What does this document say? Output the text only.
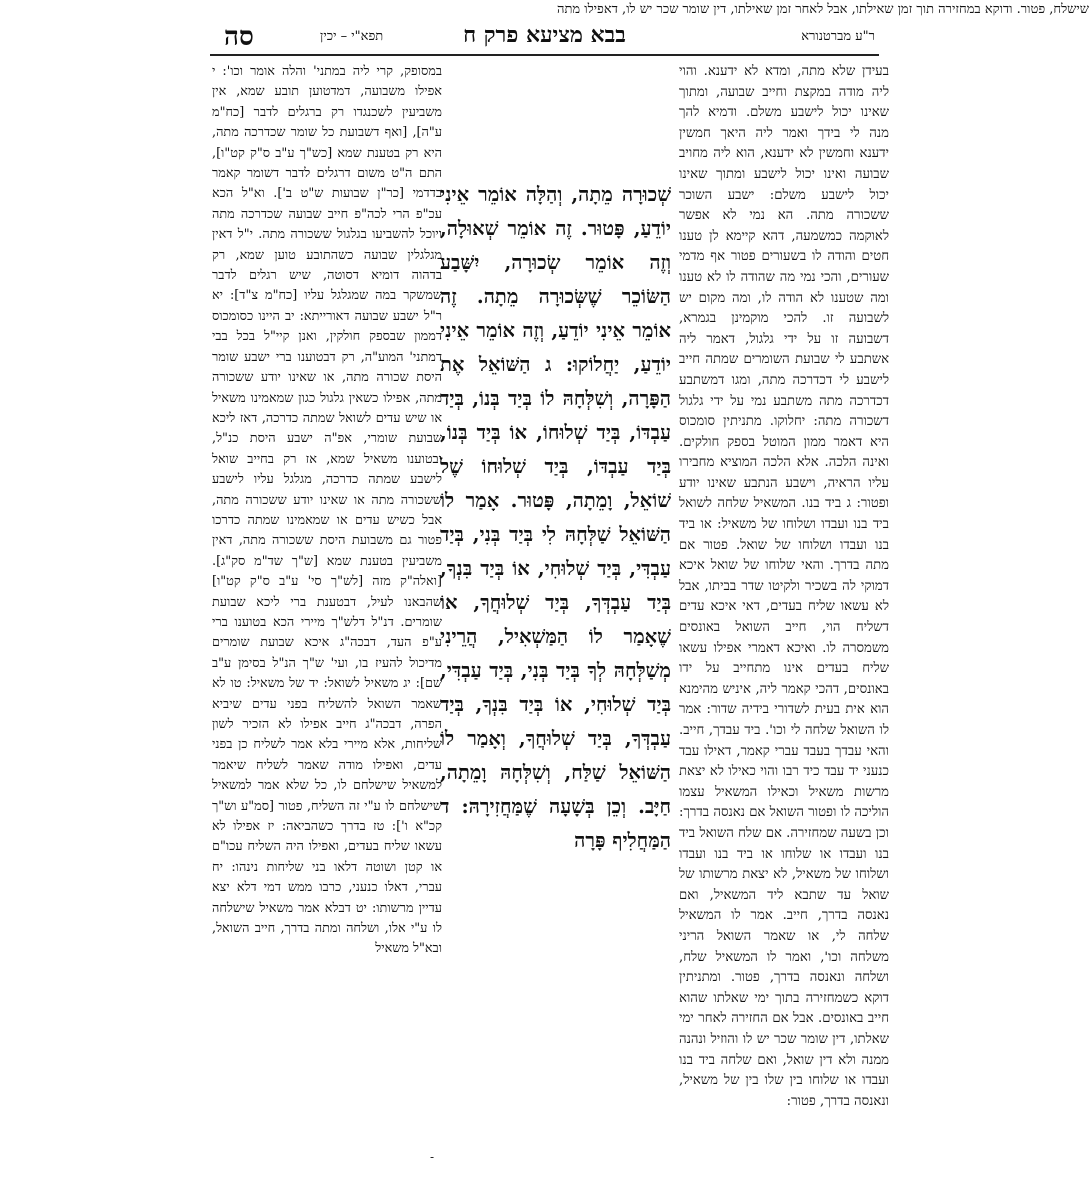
סה	תפא"י – יכין	בבא מציעא פרק ח	ר"ע מברטנורא

בעידן שלא מתה, ומדא לא ידענא. והוי ליה מודה במקצת וחייב שבועה, ומתוך שאינו יכול לישבע משלם. ודמיא להך מנה לי בידך ואמר ליה היאך חמשין ידענא וחמשין לא ידענא, הוא ליה מחויב שבועה ואינו יכול לישבע ומתוך שאינו יכול לישבע משלם: ישבע השוכר ששכורה מתה. הא נמי לא אפשר לאוקמה כמשמעה, דהא קיימא לן טענו חטים והודה לו בשעורים פטור אף מדמי שעורים, והכי נמי מה שהודה לו לא טענו ומה שטענו לא הודה לו, ומה מקום יש לשבועה זו. להכי מוקמינן בגמרא, דשבועה זו על ידי גלגול, דאמר ליה אשתבע לי שבועת השומרים שמתה חייב לישבע לי דכדרכה מתה, ומגו דמשתבע דכדרכה מתה משתבע נמי על ידי גלגול דשכורה מתה: יחלוקו. מתניתין סומכוס היא דאמר ממון המוטל בספק חולקים. ואינה הלכה. אלא הלכה המוציא מחבירו עליו הראיה, וישבע הנתבע שאינו יודע ופטור: ג ביד בנו. המשאיל שלחה לשואל ביד בנו ועבדו ושלוחו של משאיל: או ביד בנו ועבדו ושלוחו של שואל. פטור אם מתה בדרך. והאי שלוחו של שואל איכא דמוקי לה בשכיר ולקיטו שדר בביתו, אבל לא עשאו שליח בעדים, דאי איכא עדים דשליח הוי, חייב השואל באונסים משמסרה לו. ואיכא דאמרי אפילו עשאו שליח בעדים אינו מתחייב על ידו באונסים, דהכי קאמר ליה, איניש מהימנא הוא אית בעית לשדורי בידיה שדור: אמר לו השואל שלחה לי וכו'. ביד עבדך, חייב. והאי עבדך בעבד עברי קאמר, דאילו עבד כנעני יד עבד כיד רבו והוי כאילו לא יצאת מרשות משאיל וכאילו המשאיל עצמו הוליכה לו ופטור השואל אם נאנסה בדרך: וכן בשעה שמחזירה. אם שלח השואל ביד בנו ועבדו או שלוחו או ביד בנו ועבדו ושלוחו של משאיל, לא יצאת מרשותו של שואל עד שתבא ליד המשאיל, ואם נאנסה בדרך, חייב. אמר לו המשאיל שלחה לי, או שאמר השואל הריני משלחה וכו', ואמר לו המשאיל שלח, ושלחה ונאנסה בדרך, פטור. ומתניתין דוקא כשמחזירה בתוך ימי שאלתו שהוא חייב באונסים. אבל אם החזירה לאחר ימי שאלתו, דין שומר שכר יש לו והוזיל ונהנה ממנה ולא דין שואל, ואם שלחה ביד בנו ועבדו או שלוחו בין שלו בין של משאיל, ונאנסה בדרך, פטור:

שְׁכוּרָה מֵתָה, וְהַלָּה אוֹמֵר אֵינִי יוֹדֵעַ, פָּטוּר. זֶה אוֹמֵר שְׁאוּלָה, וְזֶה אוֹמֵר שְׂכוּרָה, יִשָּׁבַע הַשּׂוֹכֵר שֶׁשְּׂכוּרָה מֵתָה. זֶה אוֹמֵר אֵינִי יוֹדֵעַ, וְזֶה אוֹמֵר אֵינִי יוֹדֵעַ, יַחֲלוֹקוּ: ג הַשּׁוֹאֵל אֶת הַפָּרָה, וְשִׁלְּחָהּ לוֹ בְּיַד בְּנוֹ, בְּיַד עַבְדּוֹ, בְּיַד שְׁלוּחוֹ, אוֹ בְּיַד בְּנוֹ, בְּיַד עַבְדּוֹ, בְּיַד שְׁלוּחוֹ שֶׁל שׁוֹאֵל, וָמֵתָה, פָּטוּר. אָמַר לוֹ הַשּׁוֹאֵל שַׁלְּחָהּ לִי בְּיַד בְּנִי, בְּיַד עַבְדִּי, בְּיַד שְׁלוּחִי, אוֹ בְּיַד בִּנְךָ, בְּיַד עַבְדְּךָ, בְּיַד שְׁלוּחֲךָ, אוֹ שֶׁאָמַר לוֹ הַמַּשְׁאִיל, הֲרֵינִי מְשַׁלְּחָהּ לְךָ בְּיַד בְּנִי, בְּיַד עַבְדִּי, בְּיַד שְׁלוּחִי, אוֹ בְּיַד בִּנְךָ, בְּיַד עַבְדְּךָ, בְּיַד שְׁלוּחֲךָ, וְאָמַר לוֹ הַשּׁוֹאֵל שַׁלַּח, וְשִׁלְּחָהּ וָמֵתָה, חַיָּב. וְכֵן בְּשָׁעָה שֶׁמַּחֲזִירָהּ: ד הַמַּחֲלִיף פָּרָה

במסופק, קרי ליה במתני' והלה אומר וכו': י אפילו משבועה, דמדטוען תובע שמא, אין משביעין לשכנגדו רק ברגלים לדבר [כח"מ ע"ה], [ואף דשבועת כל שומר שכדרכה מתה, היא רק בטענת שמא [כש"ך ע"ב ס"ק קט"ו], התם ה"ט משום דרגלים לדבר דשומר קאמר בדדמי [כר"ן שבועות ש"ט ב']. וא"ל הכא עכ"פ הרי לכה"פ חייב שבועה שכדרכה מתה ויוכל להשביעו בגלגול ששכורה מתה. י"ל דאין מגלגלין שבועה כשהתובע טוען שמא, רק בדהוה דומיא דסוטה, שיש רגלים לדבר שמשקר במה שמגלגל עליו [כח"מ צ"ד]: יא ר"ל ישבע שבועה דאורייתא: יב היינו כסומכוס דממון שבספק חולקין, ואנן קיי"ל בכל בבי דמתני' המוע"ה, רק דבטוענו ברי ישבע שומר היסת שכורה מתה, או שאינו יודע ששכורה מתה, אפילו כשאין גלגול כגון שמאמינו משאיל או שיש עדים לשואל שמתה כדרכה, דאז ליכא שבועת שומרי, אפ"ה ישבע היסת כנ"ל, ובטוענו משאיל שמא, אז רק בחייב שואל לישבע שמתה כדרכה, מגלגל עליו לישבע ששכורה מתה או שאינו יודע ששכורה מתה, אבל כשיש עדים או שמאמינו שמתה כדרכו פטור גם משבועת היסת ששכורה מתה, דאין משביעין בטענת שמא [ש"ך שד"מ סק"ג]. [ואלה"ק מזה [לש"ך סי' ע"ב ס"ק קט"ו] שהבאנו לעיל, דבטענת ברי ליכא שבועת שומרים. דנ"ל דלש"ך מיירי הכא בטוענו ברי ע"פ העד, דבכה"ג איכא שבועת שומרים מדיכול להעיז בו, ועי' ש"ך הנ"ל בסימן ע"ב שם]: יג משאיל לשואל: יד של משאיל: טו לא שאמר השואל להשליח בפני עדים שיביא הפרה, דבכה"ג חייב אפילו לא הזכיר לשון שליחות, אלא מיירי בלא אמר לשליח כן בפני עדים, ואפילו מודה שאמר לשליח שיאמר למשאיל שישלחם לו, כל שלא אמר למשאיל שישלחם לו ע"י זה השליח, פטור [סמ"ע וש"ך קכ"א ו']: טז בדרך כשהביאה: יז אפילו לא עשאו שליח בעדים, ואפילו היה השליח עכו"ם או קטן ושוטה דלאו בני שליחות נינהו: יח עברי, דאלו כנעני, כרבו ממש דמי דלא יצא עדיין מרשותו: יט דבלא אמר משאיל שישלחה לו ע"י אלו, ושלחה ומתה בדרך, חייב השואל, ובא"ל משאיל

שישלח, פטור. ודוקא במחזירה תוך זמן שאילתו, אבל לאחר זמן שאילתו, דין שומר שכר יש לו, דאפילו מתה
-
